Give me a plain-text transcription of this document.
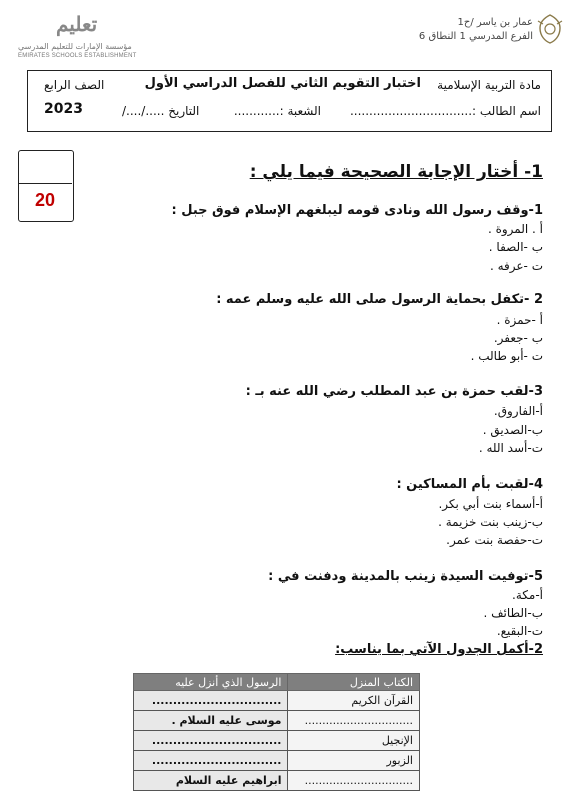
عمار بن ياسر /ح1
الفرع المدرسي 1 النطاق 6
تعليم
مؤسسة الإمارات للتعليم المدرسي
EMIRATES SCHOOLS ESTABLISHMENT
مادة التربية الإسلامية
اختبار التقويم الثاني للفصل الدراسي الأول
الصف الرابع
اسم الطالب :................................
الشعبة :............
التاريخ ...../..../
2023
20
1- أختار الإجابة الصحيحة فيما يلي :
1-وقف رسول الله ونادى قومه ليبلغهم الإسلام فوق جبل :
أ . المروة .
ب -الصفا .
ت -عرفه .
2 -تكفل بحماية الرسول صلى الله عليه وسلم عمه :
أ -حمزة .
ب -جعفر.
ت -أبو طالب .
3-لقب حمزة بن عبد المطلب رضي الله عنه بـ :
أ-الفاروق.
ب-الصديق .
ت-أسد الله .
4-لقبت بأم المساكين :
أ-أسماء بنت أبي بكر.
ب-زينب بنت خزيمة .
ت-حفصة بنت عمر.
5-توفيت السيدة زينب بالمدينة ودفنت في :
أ-مكة.
ب-الطائف .
ت-البقيع.
2-أكمل الجدول الآتي بما يناسب:
الكتاب المنزل	الرسول الذي أنزل عليه
القرآن الكريم	...............................
...............................	موسى عليه السلام .
الإنجيل	...............................
الزبور	...............................
...............................	ابراهيم عليه السلام
